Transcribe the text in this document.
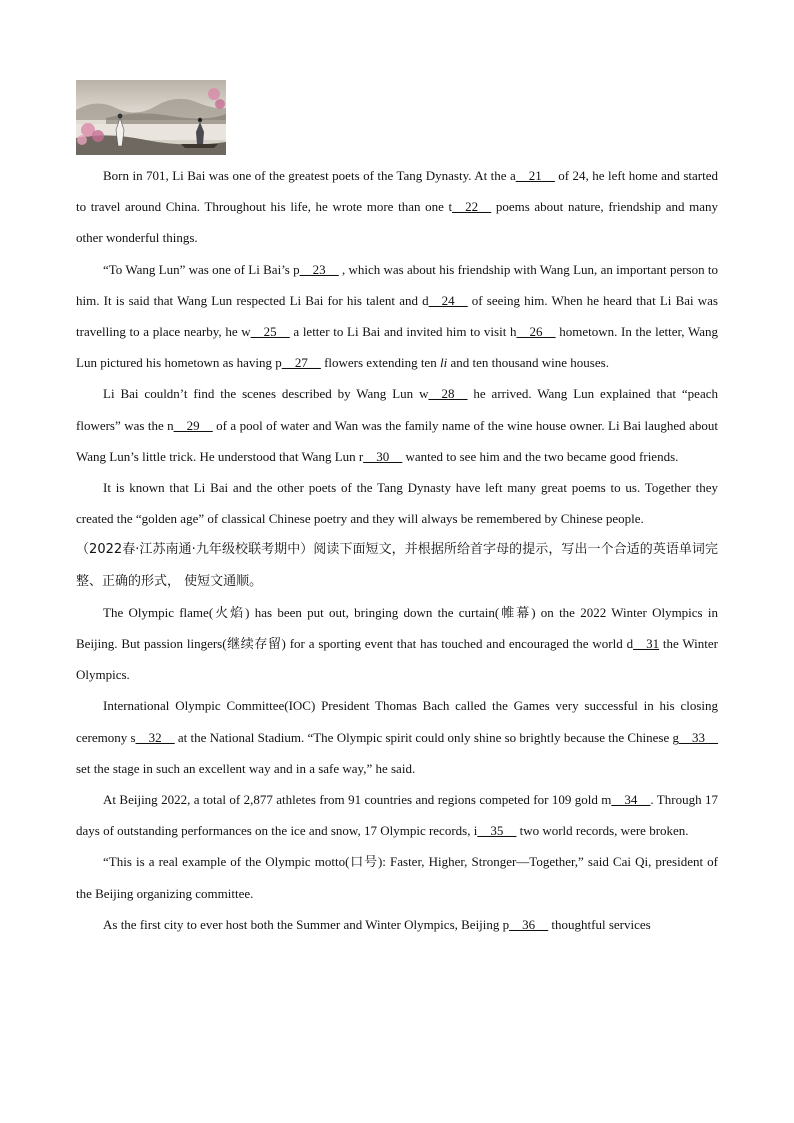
Born in 701, Li Bai was one of the greatest poets of the Tang Dynasty. At the a__21__ of 24, he left home and started to travel around China. Throughout his life, he wrote more than one t__22__ poems about nature, friendship and many other wonderful things.

“To Wang Lun” was one of Li Bai’s p__23__ , which was about his friendship with Wang Lun, an important person to him. It is said that Wang Lun respected Li Bai for his talent and d__24__ of seeing him. When he heard that Li Bai was travelling to a place nearby, he w__25__ a letter to Li Bai and invited him to visit h__26__ hometown. In the letter, Wang Lun pictured his hometown as having p__27__ flowers extending ten li and ten thousand wine houses.

Li Bai couldn’t find the scenes described by Wang Lun w__28__ he arrived. Wang Lun explained that “peach flowers” was the n__29__ of a pool of water and Wan was the family name of the wine house owner. Li Bai laughed about Wang Lun’s little trick. He understood that Wang Lun r__30__ wanted to see him and the two became good friends.

It is known that Li Bai and the other poets of the Tang Dynasty have left many great poems to us. Together they created the “golden age” of classical Chinese poetry and they will always be remembered by Chinese people.

（2022春·江苏南通·九年级校联考期中）阅读下面短文，并根据所给首字母的提示，写出一个合适的英语单词完整、正确的形式， 使短文通顺。

The Olympic flame(火焰) has been put out, bringing down the curtain(帷幕) on the 2022 Winter Olympics in Beijing. But passion lingers(继续存留) for a sporting event that has touched and encouraged the world d__31 the Winter Olympics.

International Olympic Committee(IOC) President Thomas Bach called the Games very successful in his closing ceremony s__32__ at the National Stadium. “The Olympic spirit could only shine so brightly because the Chinese g__33__ set the stage in such an excellent way and in a safe way,” he said.

At Beijing 2022, a total of 2,877 athletes from 91 countries and regions competed for 109 gold m__34__. Through 17 days of outstanding performances on the ice and snow, 17 Olympic records, i__35__ two world records, were broken.

“This is a real example of the Olympic motto(口号): Faster, Higher, Stronger—Together,” said Cai Qi, president of the Beijing organizing committee.

As the first city to ever host both the Summer and Winter Olympics, Beijing p__36__ thoughtful services
